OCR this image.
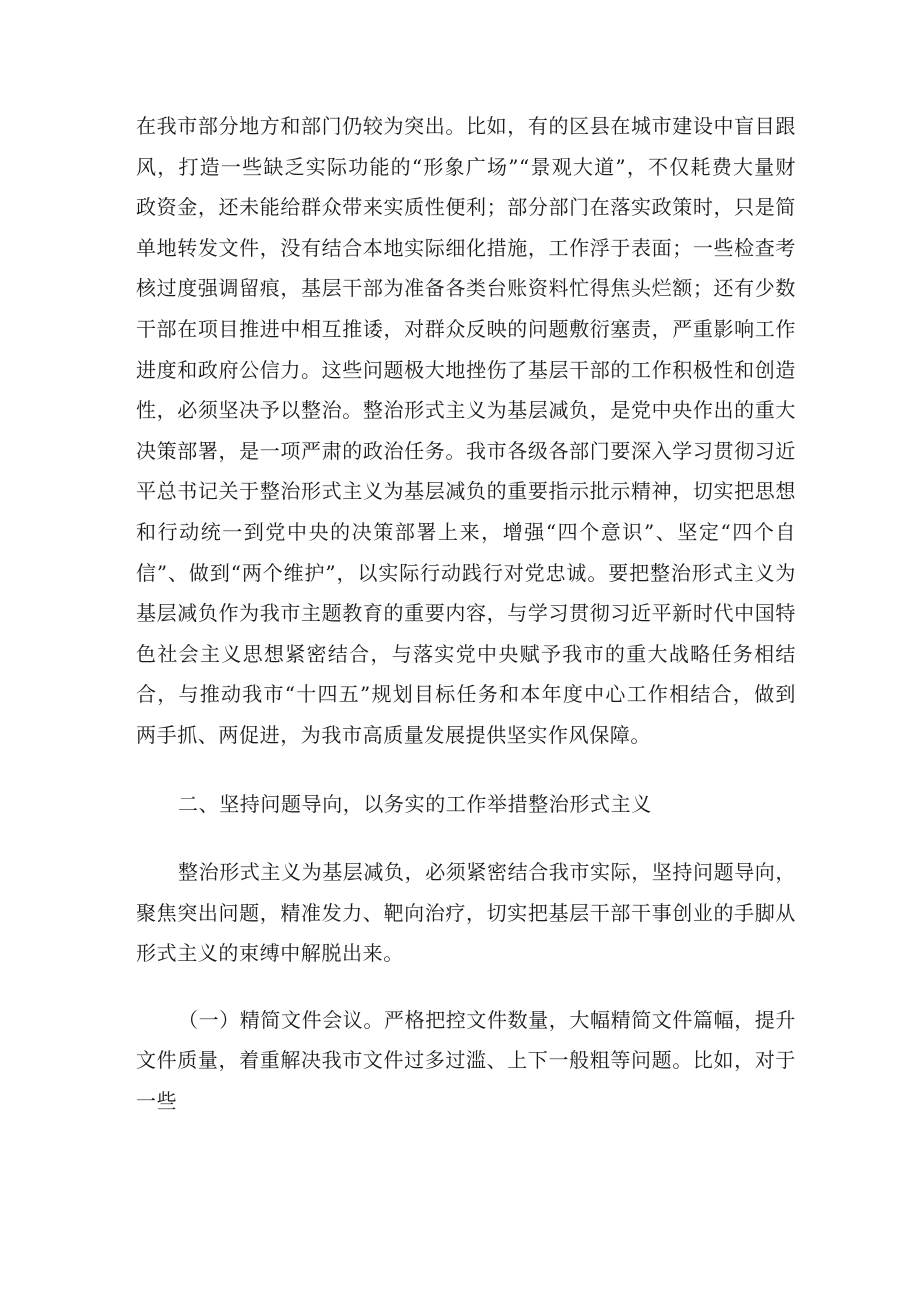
在我市部分地方和部门仍较为突出。比如，有的区县在城市建设中盲目跟风，打造一些缺乏实际功能的“形象广场”“景观大道”，不仅耗费大量财政资金，还未能给群众带来实质性便利；部分部门在落实政策时，只是简单地转发文件，没有结合本地实际细化措施，工作浮于表面；一些检查考核过度强调留痕，基层干部为准备各类台账资料忙得焦头烂额；还有少数干部在项目推进中相互推诿，对群众反映的问题敷衍塞责，严重影响工作进度和政府公信力。这些问题极大地挫伤了基层干部的工作积极性和创造性，必须坚决予以整治。整治形式主义为基层减负，是党中央作出的重大决策部署，是一项严肃的政治任务。我市各级各部门要深入学习贯彻习近平总书记关于整治形式主义为基层减负的重要指示批示精神，切实把思想和行动统一到党中央的决策部署上来，增强“四个意识”、坚定“四个自信”、做到“两个维护”，以实际行动践行对党忠诚。要把整治形式主义为基层减负作为我市主题教育的重要内容，与学习贯彻习近平新时代中国特色社会主义思想紧密结合，与落实党中央赋予我市的重大战略任务相结合，与推动我市“十四五”规划目标任务和本年度中心工作相结合，做到两手抓、两促进，为我市高质量发展提供坚实作风保障。

二、坚持问题导向，以务实的工作举措整治形式主义

整治形式主义为基层减负，必须紧密结合我市实际，坚持问题导向，聚焦突出问题，精准发力、靶向治疗，切实把基层干部干事创业的手脚从形式主义的束缚中解脱出来。

（一）精简文件会议。严格把控文件数量，大幅精简文件篇幅，提升文件质量，着重解决我市文件过多过滥、上下一般粗等问题。比如，对于一些
